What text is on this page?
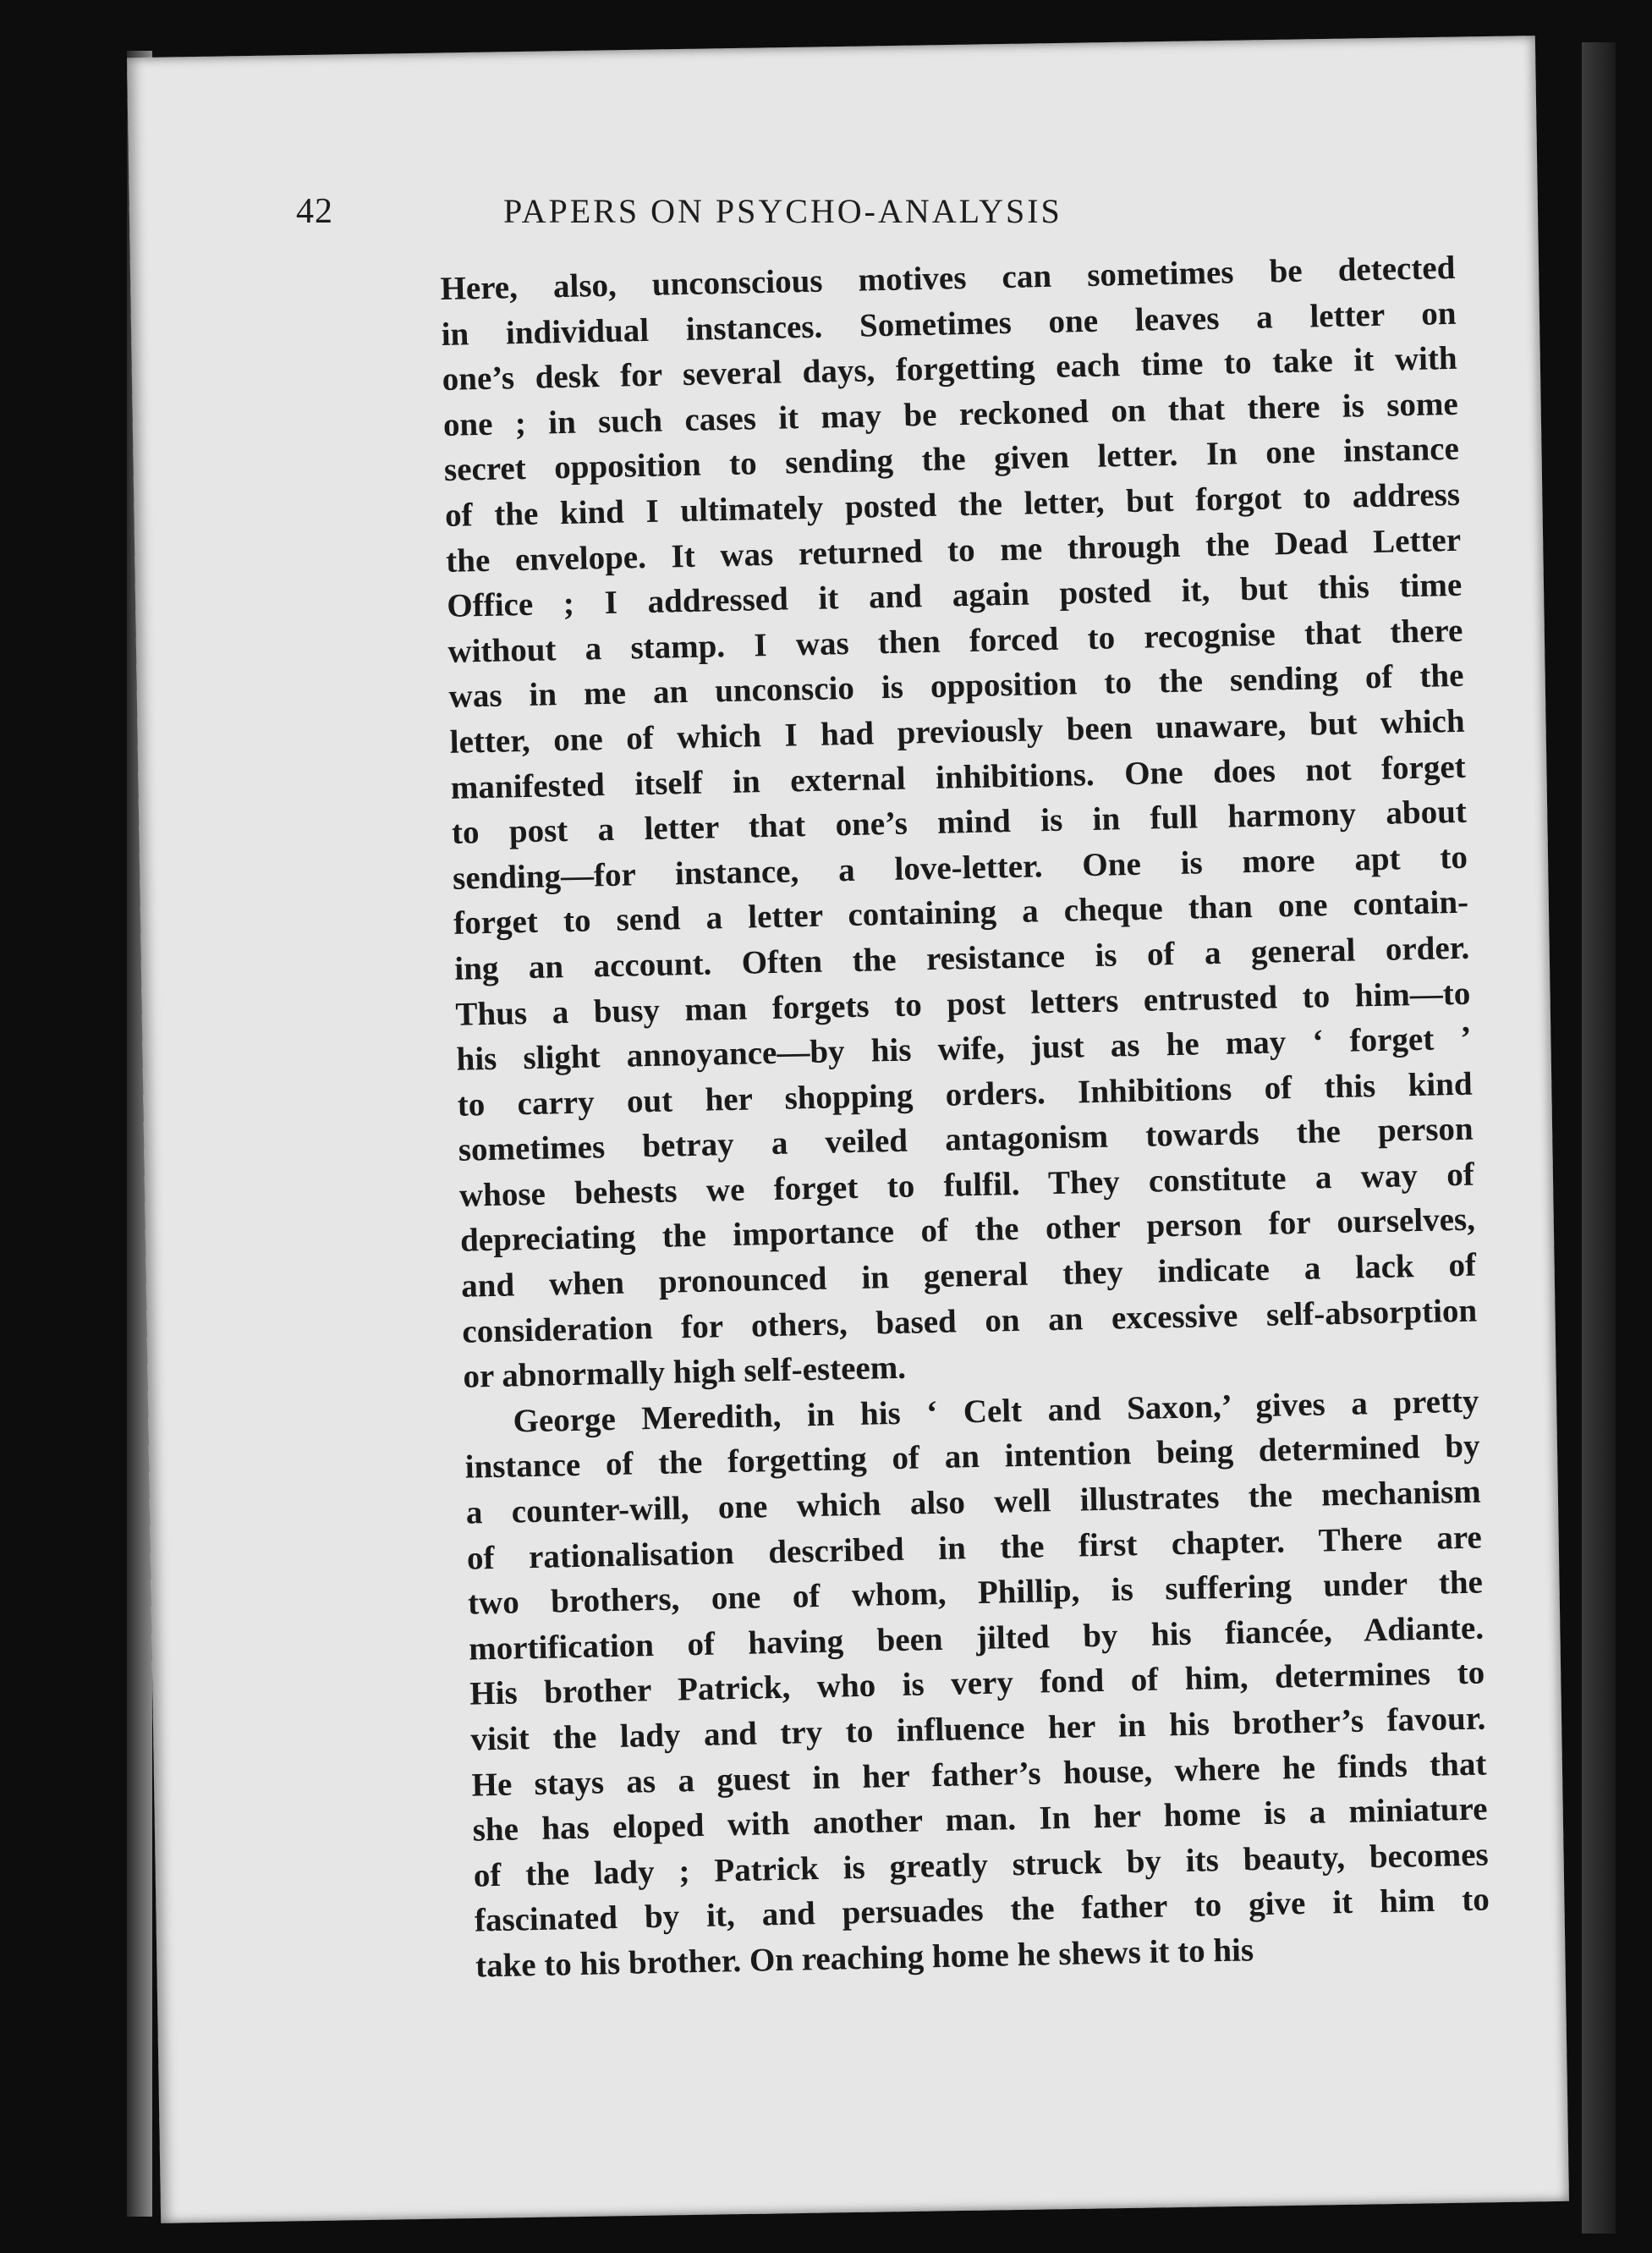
42	PAPERS ON PSYCHO-ANALYSIS
Here, also, unconscious motives can sometimes be detected
in individual instances. Sometimes one leaves a letter on
one’s desk for several days, forgetting each time to take it with
one ; in such cases it may be reckoned on that there is some
secret opposition to sending the given letter. In one instance
of the kind I ultimately posted the letter, but forgot to address
the envelope. It was returned to me through the Dead Letter
Office ; I addressed it and again posted it, but this time
without a stamp. I was then forced to recognise that there
was in me an unconscio is opposition to the sending of the
letter, one of which I had previously been unaware, but which
manifested itself in external inhibitions. One does not forget
to post a letter that one’s mind is in full harmony about
sending—for instance, a love-letter. One is more apt to
forget to send a letter containing a cheque than one contain-
ing an account. Often the resistance is of a general order.
Thus a busy man forgets to post letters entrusted to him—to
his slight annoyance—by his wife, just as he may ‘ forget ’
to carry out her shopping orders. Inhibitions of this kind
sometimes betray a veiled antagonism towards the person
whose behests we forget to fulfil. They constitute a way of
depreciating the importance of the other person for ourselves,
and when pronounced in general they indicate a lack of
consideration for others, based on an excessive self-absorption
or abnormally high self-esteem.
George Meredith, in his ‘ Celt and Saxon,’ gives a pretty
instance of the forgetting of an intention being determined by
a counter-will, one which also well illustrates the mechanism
of rationalisation described in the first chapter. There are
two brothers, one of whom, Phillip, is suffering under the
mortification of having been jilted by his fiancée, Adiante.
His brother Patrick, who is very fond of him, determines to
visit the lady and try to influence her in his brother’s favour.
He stays as a guest in her father’s house, where he finds that
she has eloped with another man. In her home is a miniature
of the lady ; Patrick is greatly struck by its beauty, becomes
fascinated by it, and persuades the father to give it him to
take to his brother. On reaching home he shews it to his
